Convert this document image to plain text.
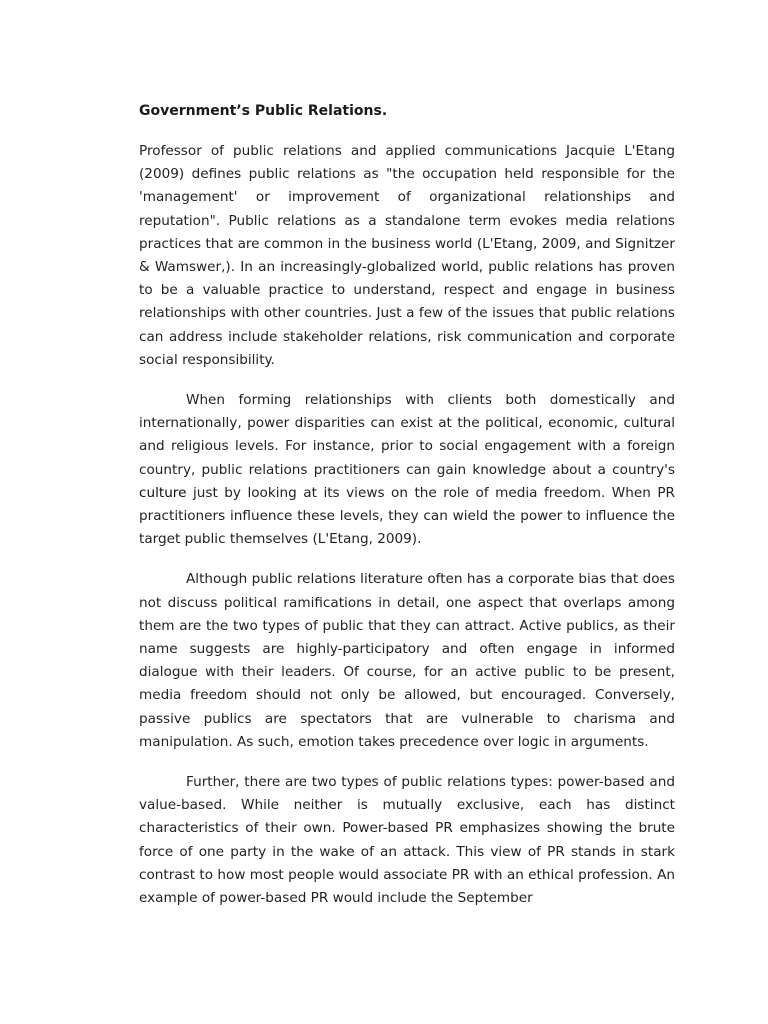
Government’s Public Relations.

Professor of public relations and applied communications Jacquie L'Etang (2009) defines public relations as "the occupation held responsible for the 'management' or improvement of organizational relationships and reputation". Public relations as a standalone term evokes media relations practices that are common in the business world (L'Etang, 2009, and Signitzer & Wamswer,). In an increasingly-globalized world, public relations has proven to be a valuable practice to understand, respect and engage in business relationships with other countries. Just a few of the issues that public relations can address include stakeholder relations, risk communication and corporate social responsibility.

When forming relationships with clients both domestically and internationally, power disparities can exist at the political, economic, cultural and religious levels. For instance, prior to social engagement with a foreign country, public relations practitioners can gain knowledge about a country's culture just by looking at its views on the role of media freedom. When PR practitioners influence these levels, they can wield the power to influence the target public themselves (L'Etang, 2009).

Although public relations literature often has a corporate bias that does not discuss political ramifications in detail, one aspect that overlaps among them are the two types of public that they can attract. Active publics, as their name suggests are highly-participatory and often engage in informed dialogue with their leaders. Of course, for an active public to be present, media freedom should not only be allowed, but encouraged. Conversely, passive publics are spectators that are vulnerable to charisma and manipulation. As such, emotion takes precedence over logic in arguments.

Further, there are two types of public relations types: power-based and value-based. While neither is mutually exclusive, each has distinct characteristics of their own. Power-based PR emphasizes showing the brute force of one party in the wake of an attack. This view of PR stands in stark contrast to how most people would associate PR with an ethical profession. An example of power-based PR would include the September
